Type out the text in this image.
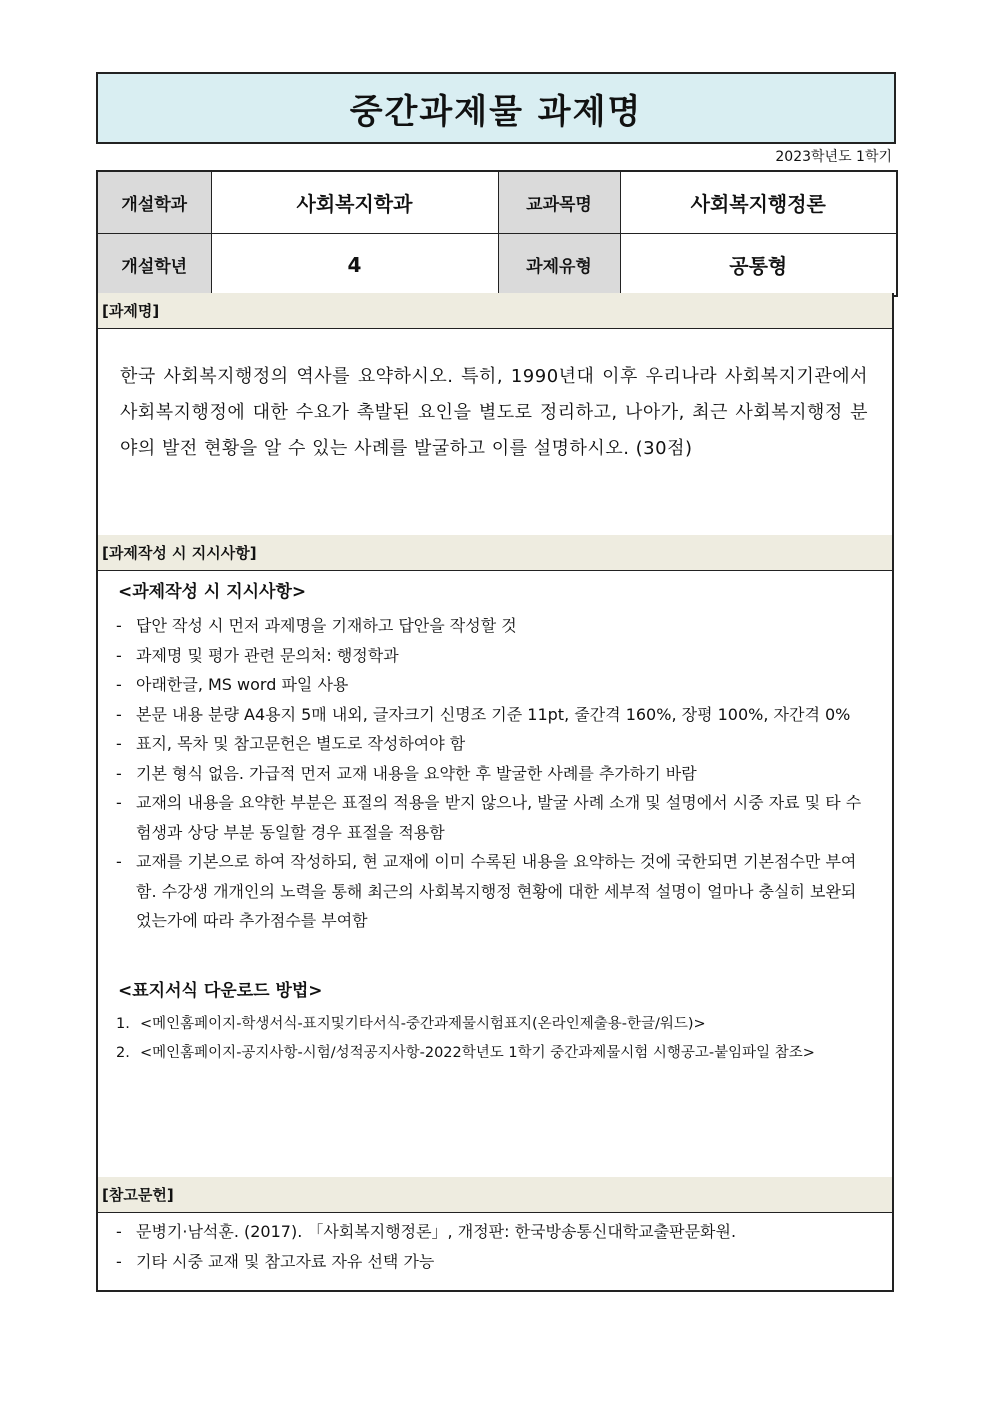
중간과제물 과제명
2023학년도 1학기
개설학과	사회복지학과	교과목명	사회복지행정론
개설학년	4	과제유형	공통형
[과제명]
한국 사회복지행정의 역사를 요약하시오. 특히, 1990년대 이후 우리나라 사회복지기관에서 사회복지행정에 대한 수요가 촉발된 요인을 별도로 정리하고, 나아가, 최근 사회복지행정 분야의 발전 현황을 알 수 있는 사례를 발굴하고 이를 설명하시오. (30점)
[과제작성 시 지시사항]
<과제작성 시 지시사항>
- 답안 작성 시 먼저 과제명을 기재하고 답안을 작성할 것
- 과제명 및 평가 관련 문의처: 행정학과
- 아래한글, MS word 파일 사용
- 본문 내용 분량 A4용지 5매 내외, 글자크기 신명조 기준 11pt, 줄간격 160%, 장평 100%, 자간격 0%
- 표지, 목차 및 참고문헌은 별도로 작성하여야 함
- 기본 형식 없음. 가급적 먼저 교재 내용을 요약한 후 발굴한 사례를 추가하기 바람
- 교재의 내용을 요약한 부분은 표절의 적용을 받지 않으나, 발굴 사례 소개 및 설명에서 시중 자료 및 타 수험생과 상당 부분 동일할 경우 표절을 적용함
- 교재를 기본으로 하여 작성하되, 현 교재에 이미 수록된 내용을 요약하는 것에 국한되면 기본점수만 부여함. 수강생 개개인의 노력을 통해 최근의 사회복지행정 현황에 대한 세부적 설명이 얼마나 충실히 보완되었는가에 따라 추가점수를 부여함
<표지서식 다운로드 방법>
1. <메인홈페이지-학생서식-표지및기타서식-중간과제물시험표지(온라인제출용-한글/워드)>
2. <메인홈페이지-공지사항-시험/성적공지사항-2022학년도 1학기 중간과제물시험 시행공고-붙임파일 참조>
[참고문헌]
- 문병기·남석훈. (2017). 「사회복지행정론」, 개정판: 한국방송통신대학교출판문화원.
- 기타 시중 교재 및 참고자료 자유 선택 가능
